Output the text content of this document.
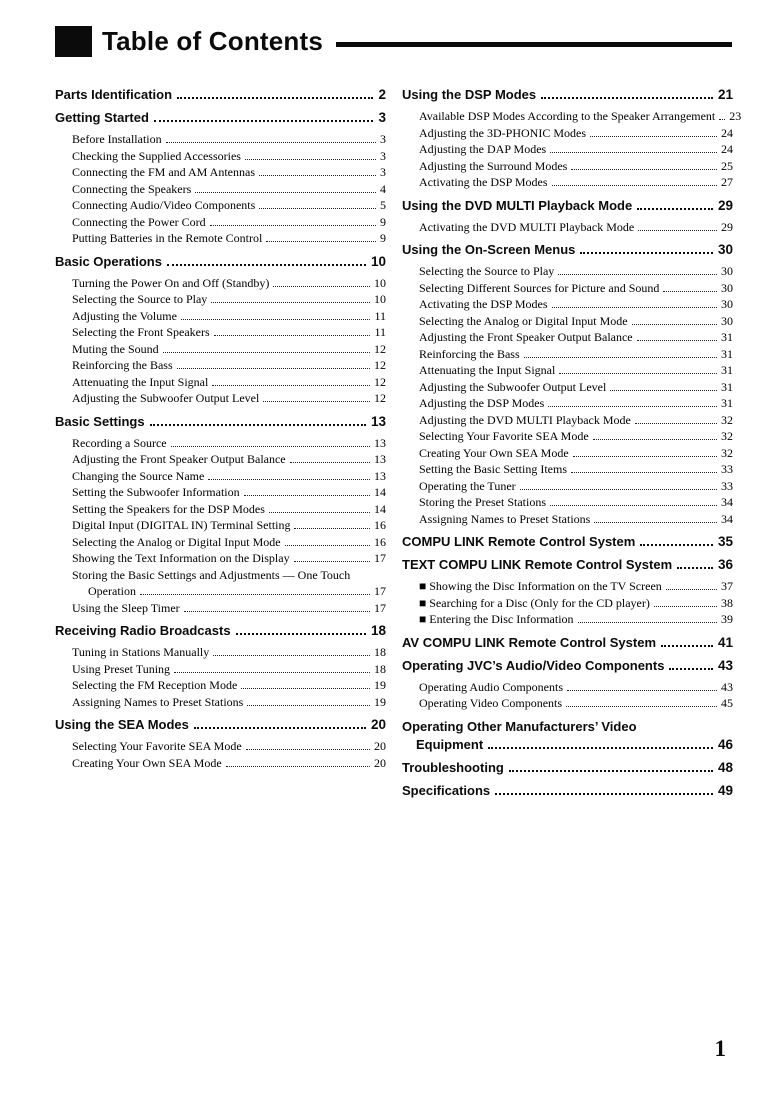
Table of Contents
Parts Identification	2
Getting Started	3
Before Installation	3
Checking the Supplied Accessories	3
Connecting the FM and AM Antennas	3
Connecting the Speakers	4
Connecting Audio/Video Components	5
Connecting the Power Cord	9
Putting Batteries in the Remote Control	9
Basic Operations	10
Turning the Power On and Off (Standby)	10
Selecting the Source to Play	10
Adjusting the Volume	11
Selecting the Front Speakers	11
Muting the Sound	12
Reinforcing the Bass	12
Attenuating the Input Signal	12
Adjusting the Subwoofer Output Level	12
Basic Settings	13
Recording a Source	13
Adjusting the Front Speaker Output Balance	13
Changing the Source Name	13
Setting the Subwoofer Information	14
Setting the Speakers for the DSP Modes	14
Digital Input (DIGITAL IN) Terminal Setting	16
Selecting the Analog or Digital Input Mode	16
Showing the Text Information on the Display	17
Storing the Basic Settings and Adjustments — One Touch
Operation	17
Using the Sleep Timer	17
Receiving Radio Broadcasts	18
Tuning in Stations Manually	18
Using Preset Tuning	18
Selecting the FM Reception Mode	19
Assigning Names to Preset Stations	19
Using the SEA Modes	20
Selecting Your Favorite SEA Mode	20
Creating Your Own SEA Mode	20
Using the DSP Modes	21
Available DSP Modes According to the Speaker Arrangement 23
Adjusting the 3D-PHONIC Modes	24
Adjusting the DAP Modes	24
Adjusting the Surround Modes	25
Activating the DSP Modes	27
Using the DVD MULTI Playback Mode	29
Activating the DVD MULTI Playback Mode	29
Using the On-Screen Menus	30
Selecting the Source to Play	30
Selecting Different Sources for Picture and Sound	30
Activating the DSP Modes	30
Selecting the Analog or Digital Input Mode	30
Adjusting the Front Speaker Output Balance	31
Reinforcing the Bass	31
Attenuating the Input Signal	31
Adjusting the Subwoofer Output Level	31
Adjusting the DSP Modes	31
Adjusting the DVD MULTI Playback Mode	32
Selecting Your Favorite SEA Mode	32
Creating Your Own SEA Mode	32
Setting the Basic Setting Items	33
Operating the Tuner	33
Storing the Preset Stations	34
Assigning Names to Preset Stations	34
COMPU LINK Remote Control System	35
TEXT COMPU LINK Remote Control System	36
■ Showing the Disc Information on the TV Screen	37
■ Searching for a Disc (Only for the CD player)	38
■ Entering the Disc Information	39
AV COMPU LINK Remote Control System	41
Operating JVC’s Audio/Video Components	43
Operating Audio Components	43
Operating Video Components	45
Operating Other Manufacturers’ Video
Equipment	46
Troubleshooting	48
Specifications	49
1
